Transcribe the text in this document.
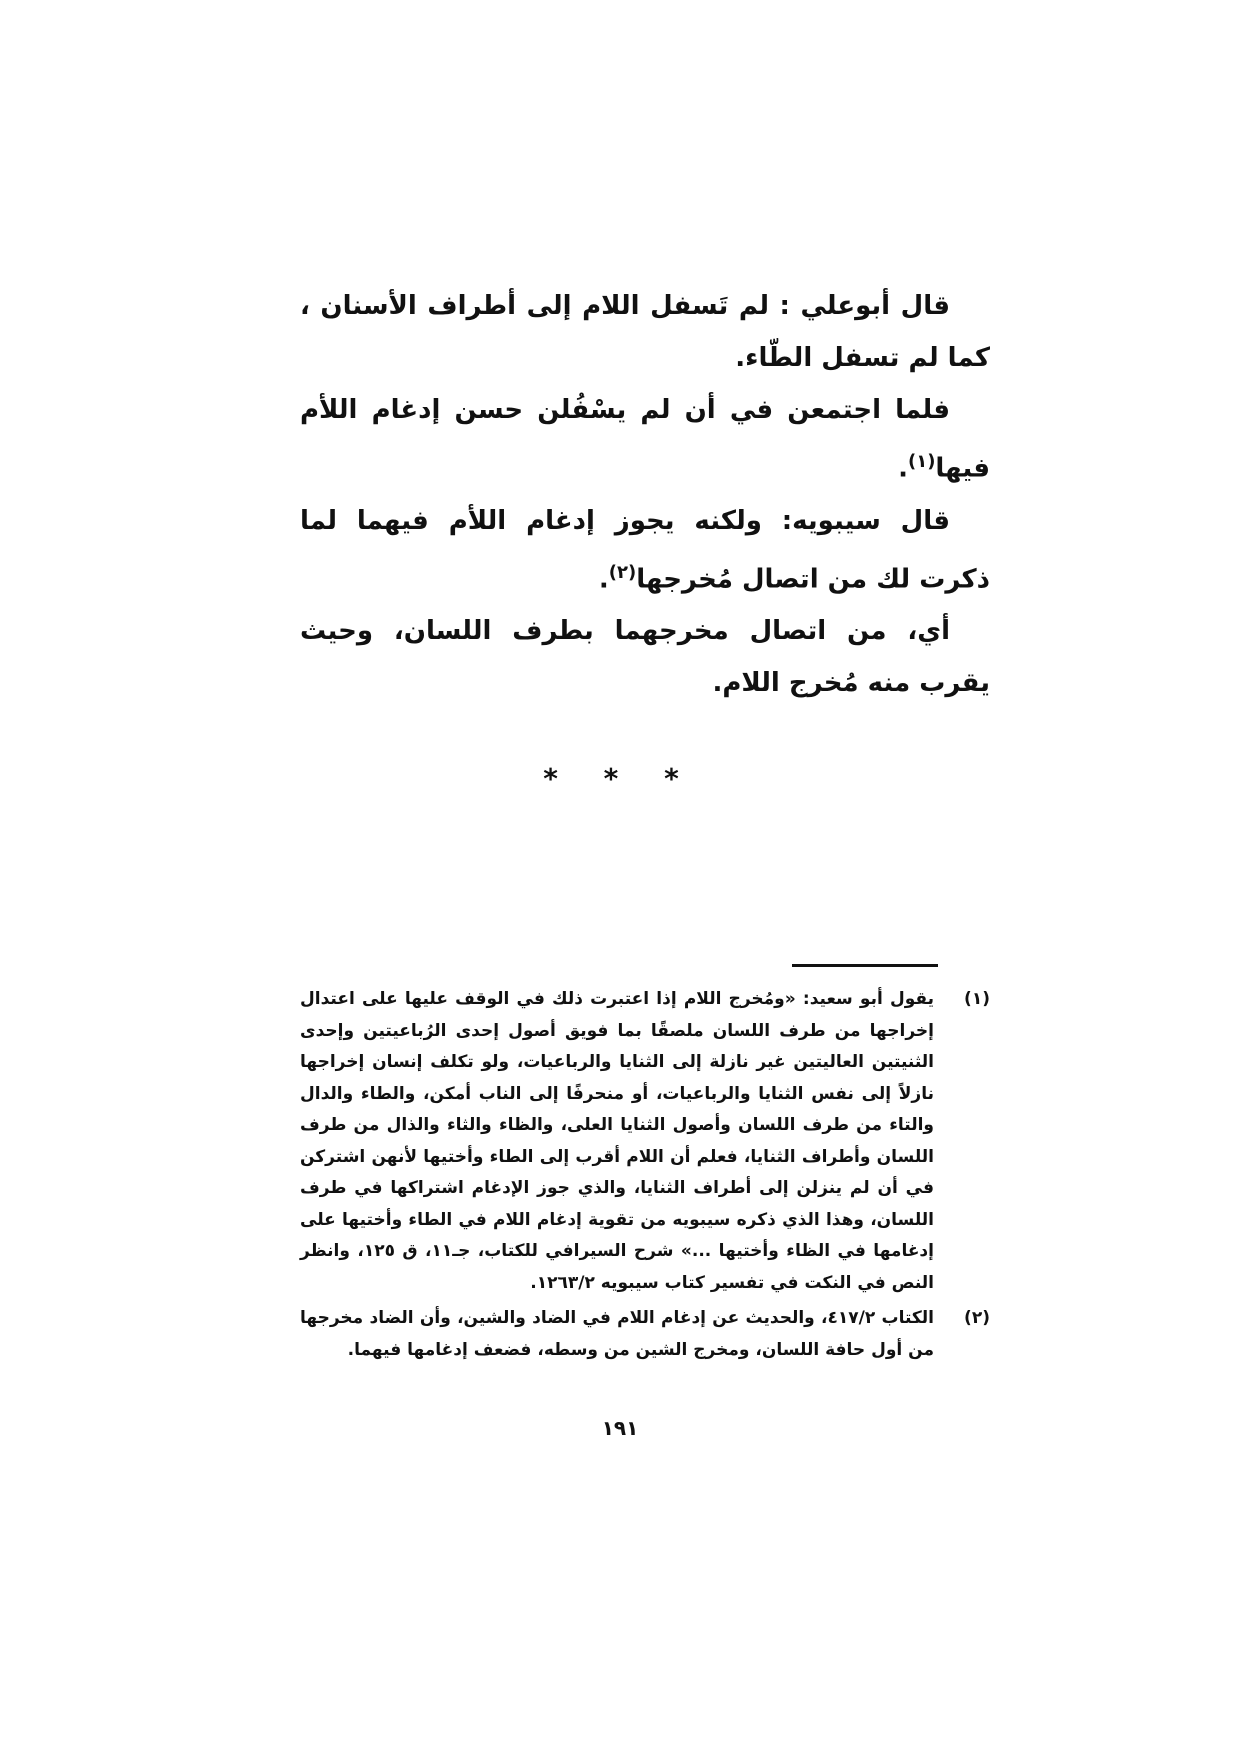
قال أبوعلي : لم تَسفل اللام إلى أطراف الأسنان ، كما لم تسفل الطّاء.

فلما اجتمعن في أن لم يسْفُلن حسن إدغام اللأم فيها$^{(١)}$.

قال سيبويه: ولكنه يجوز إدغام اللأم فيهما لما ذكرت لك من اتصال مُخرجها$^{(٢)}$.

أي، من اتصال مخرجهما بطرف اللسان، وحيث يقرب منه مُخرج اللام.

* * *

(١)
يقول أبو سعيد: «ومُخرج اللام إذا اعتبرت ذلك في الوقف عليها على اعتدال إخراجها من طرف اللسان ملصقًا بما فويق أصول إحدى الرُباعيتين وإحدى الثنيتين العاليتين غير نازلة إلى الثنايا والرباعيات، ولو تكلف إنسان إخراجها نازلاً إلى نفس الثنايا والرباعيات، أو منحرفًا إلى الناب أمكن، والطاء والدال والتاء من طرف اللسان وأصول الثنايا العلى، والظاء والثاء والذال من طرف اللسان وأطراف الثنايا، فعلم أن اللام أقرب إلى الطاء وأختيها لأنهن اشتركن في أن لم ينزلن إلى أطراف الثنايا، والذي جوز الإدغام اشتراكها في طرف اللسان، وهذا الذي ذكره سيبويه من تقوية إدغام اللام في الطاء وأختيها على إدغامها في الظاء وأختيها ...» شرح السيرافي للكتاب، جـ١١، ق ١٢٥، وانظر النص في النكت في تفسير كتاب سيبويه ١٢٦٣/٢.

(٢)
الكتاب ٤١٧/٢، والحديث عن إدغام اللام في الضاد والشين، وأن الضاد مخرجها من أول حافة اللسان، ومخرج الشين من وسطه، فضعف إدغامها فيهما.

١٩١
